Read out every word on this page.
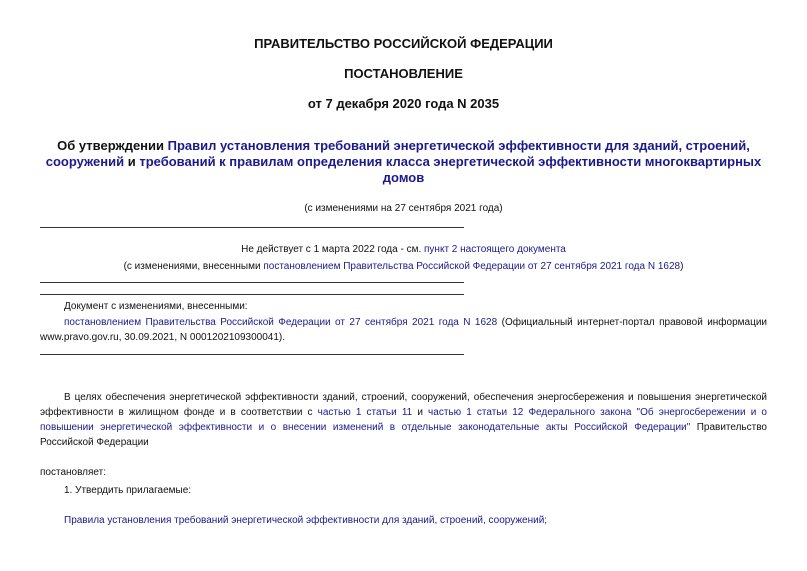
ПРАВИТЕЛЬСТВО РОССИЙСКОЙ ФЕДЕРАЦИИ
ПОСТАНОВЛЕНИЕ
от 7 декабря 2020 года N 2035
Об утверждении Правил установления требований энергетической эффективности для зданий, строений, сооружений и требований к правилам определения класса энергетической эффективности многоквартирных домов
(с изменениями на 27 сентября 2021 года)
Не действует с 1 марта 2022 года - см. пункт 2 настоящего документа
(с изменениями, внесенными постановлением Правительства Российской Федерации от 27 сентября 2021 года N 1628)
Документ с изменениями, внесенными:
постановлением Правительства Российской Федерации от 27 сентября 2021 года N 1628 (Официальный интернет-портал правовой информации www.pravo.gov.ru, 30.09.2021, N 0001202109300041).
В целях обеспечения энергетической эффективности зданий, строений, сооружений, обеспечения энергосбережения и повышения энергетической эффективности в жилищном фонде и в соответствии с частью 1 статьи 11 и частью 1 статьи 12 Федерального закона "Об энергосбережении и о повышении энергетической эффективности и о внесении изменений в отдельные законодательные акты Российской Федерации" Правительство Российской Федерации
постановляет:
1. Утвердить прилагаемые:
Правила установления требований энергетической эффективности для зданий, строений, сооружений;
